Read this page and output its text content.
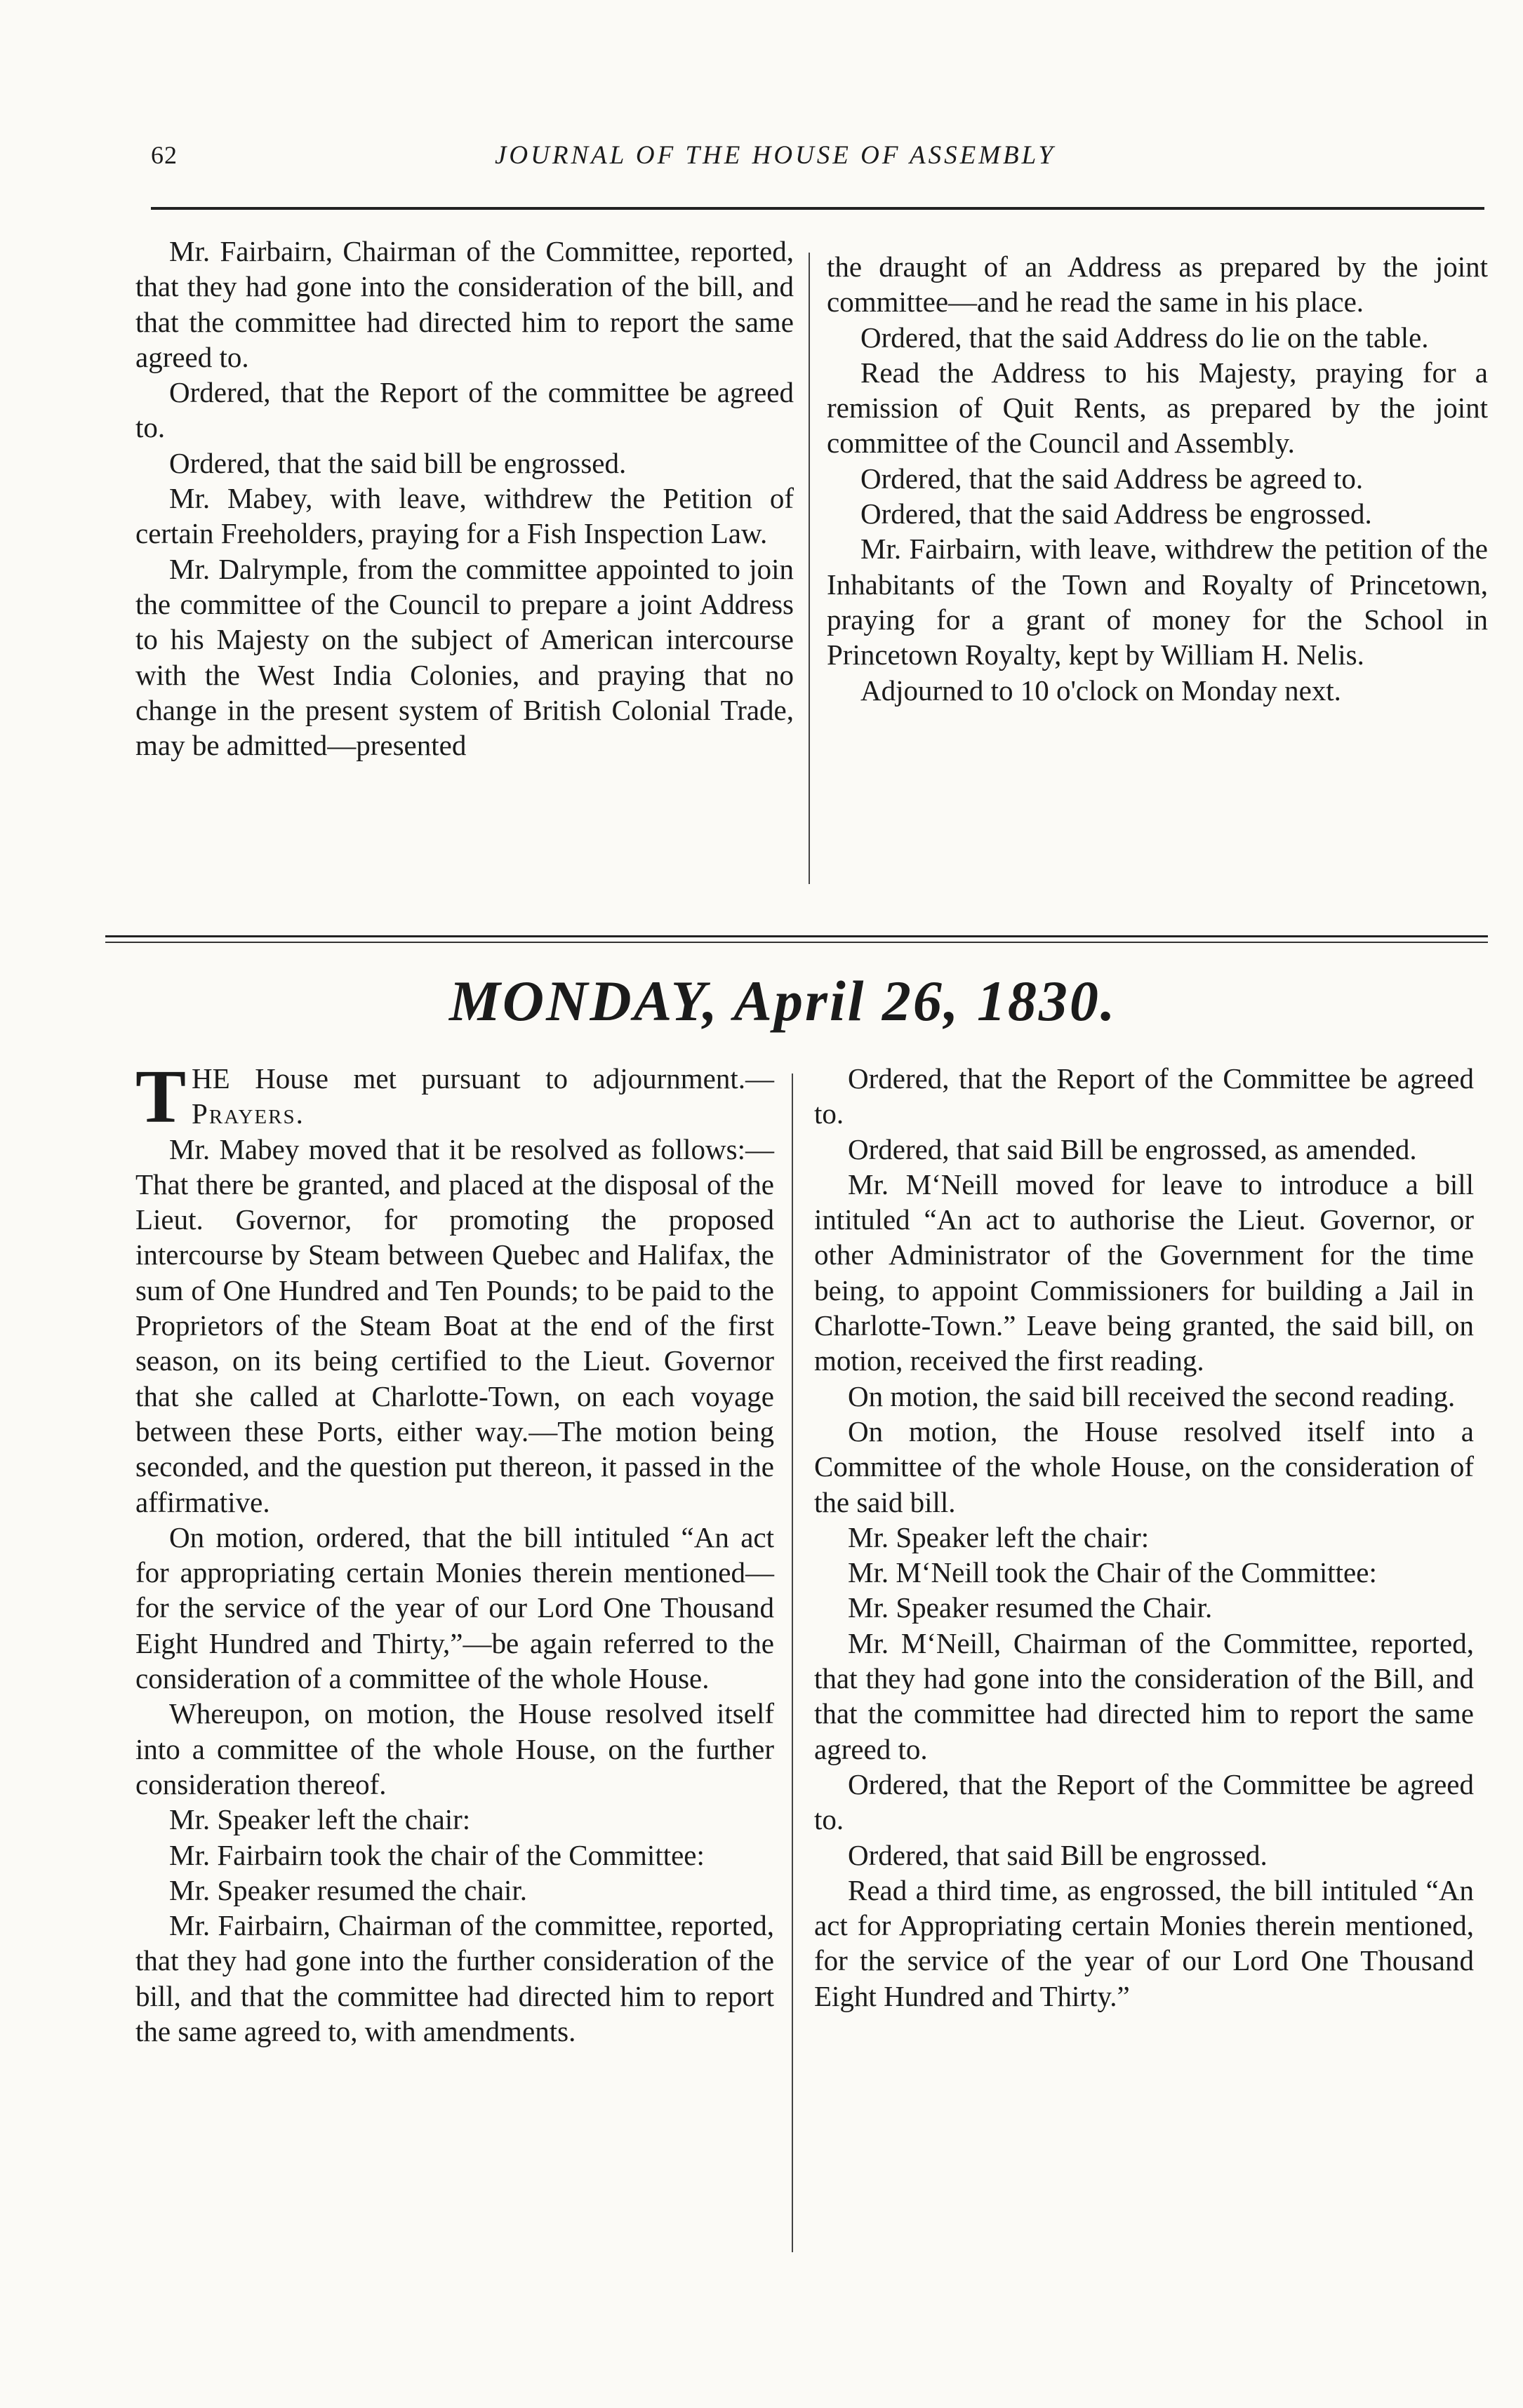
62	JOURNAL OF THE HOUSE OF ASSEMBLY

Mr. Fairbairn, Chairman of the Committee, reported, that they had gone into the consideration of the bill, and that the committee had directed him to report the same agreed to.

Ordered, that the Report of the committee be agreed to.

Ordered, that the said bill be engrossed.

Mr. Mabey, with leave, withdrew the Petition of certain Freeholders, praying for a Fish Inspection Law.

Mr. Dalrymple, from the committee appointed to join the committee of the Council to prepare a joint Address to his Majesty on the subject of American intercourse with the West India Colonies, and praying that no change in the present system of British Colonial Trade, may be admitted—presented

the draught of an Address as prepared by the joint committee—and he read the same in his place.

Ordered, that the said Address do lie on the table.

Read the Address to his Majesty, praying for a remission of Quit Rents, as prepared by the joint committee of the Council and Assembly.

Ordered, that the said Address be agreed to.

Ordered, that the said Address be engrossed.

Mr. Fairbairn, with leave, withdrew the petition of the Inhabitants of the Town and Royalty of Princetown, praying for a grant of money for the School in Princetown Royalty, kept by William H. Nelis.

Adjourned to 10 o'clock on Monday next.

MONDAY, April 26, 1830.

THE House met pursuant to adjournment.—Prayers.

Mr. Mabey moved that it be resolved as follows:—That there be granted, and placed at the disposal of the Lieut. Governor, for promoting the proposed intercourse by Steam between Quebec and Halifax, the sum of One Hundred and Ten Pounds; to be paid to the Proprietors of the Steam Boat at the end of the first season, on its being certified to the Lieut. Governor that she called at Charlotte-Town, on each voyage between these Ports, either way.—The motion being seconded, and the question put thereon, it passed in the affirmative.

On motion, ordered, that the bill intituled “An act for appropriating certain Monies therein mentioned—for the service of the year of our Lord One Thousand Eight Hundred and Thirty,”—be again referred to the consideration of a committee of the whole House.

Whereupon, on motion, the House resolved itself into a committee of the whole House, on the further consideration thereof.

Mr. Speaker left the chair:

Mr. Fairbairn took the chair of the Committee:

Mr. Speaker resumed the chair.

Mr. Fairbairn, Chairman of the committee, reported, that they had gone into the further consideration of the bill, and that the committee had directed him to report the same agreed to, with amendments.

Ordered, that the Report of the Committee be agreed to.

Ordered, that said Bill be engrossed, as amended.

Mr. M‘Neill moved for leave to introduce a bill intituled “An act to authorise the Lieut. Governor, or other Administrator of the Government for the time being, to appoint Commissioners for building a Jail in Charlotte-Town.” Leave being granted, the said bill, on motion, received the first reading.

On motion, the said bill received the second reading.

On motion, the House resolved itself into a Committee of the whole House, on the consideration of the said bill.

Mr. Speaker left the chair:

Mr. M‘Neill took the Chair of the Committee:

Mr. Speaker resumed the Chair.

Mr. M‘Neill, Chairman of the Committee, reported, that they had gone into the consideration of the Bill, and that the committee had directed him to report the same agreed to.

Ordered, that the Report of the Committee be agreed to.

Ordered, that said Bill be engrossed.

Read a third time, as engrossed, the bill intituled “An act for Appropriating certain Monies therein mentioned, for the service of the year of our Lord One Thousand Eight Hundred and Thirty.”
